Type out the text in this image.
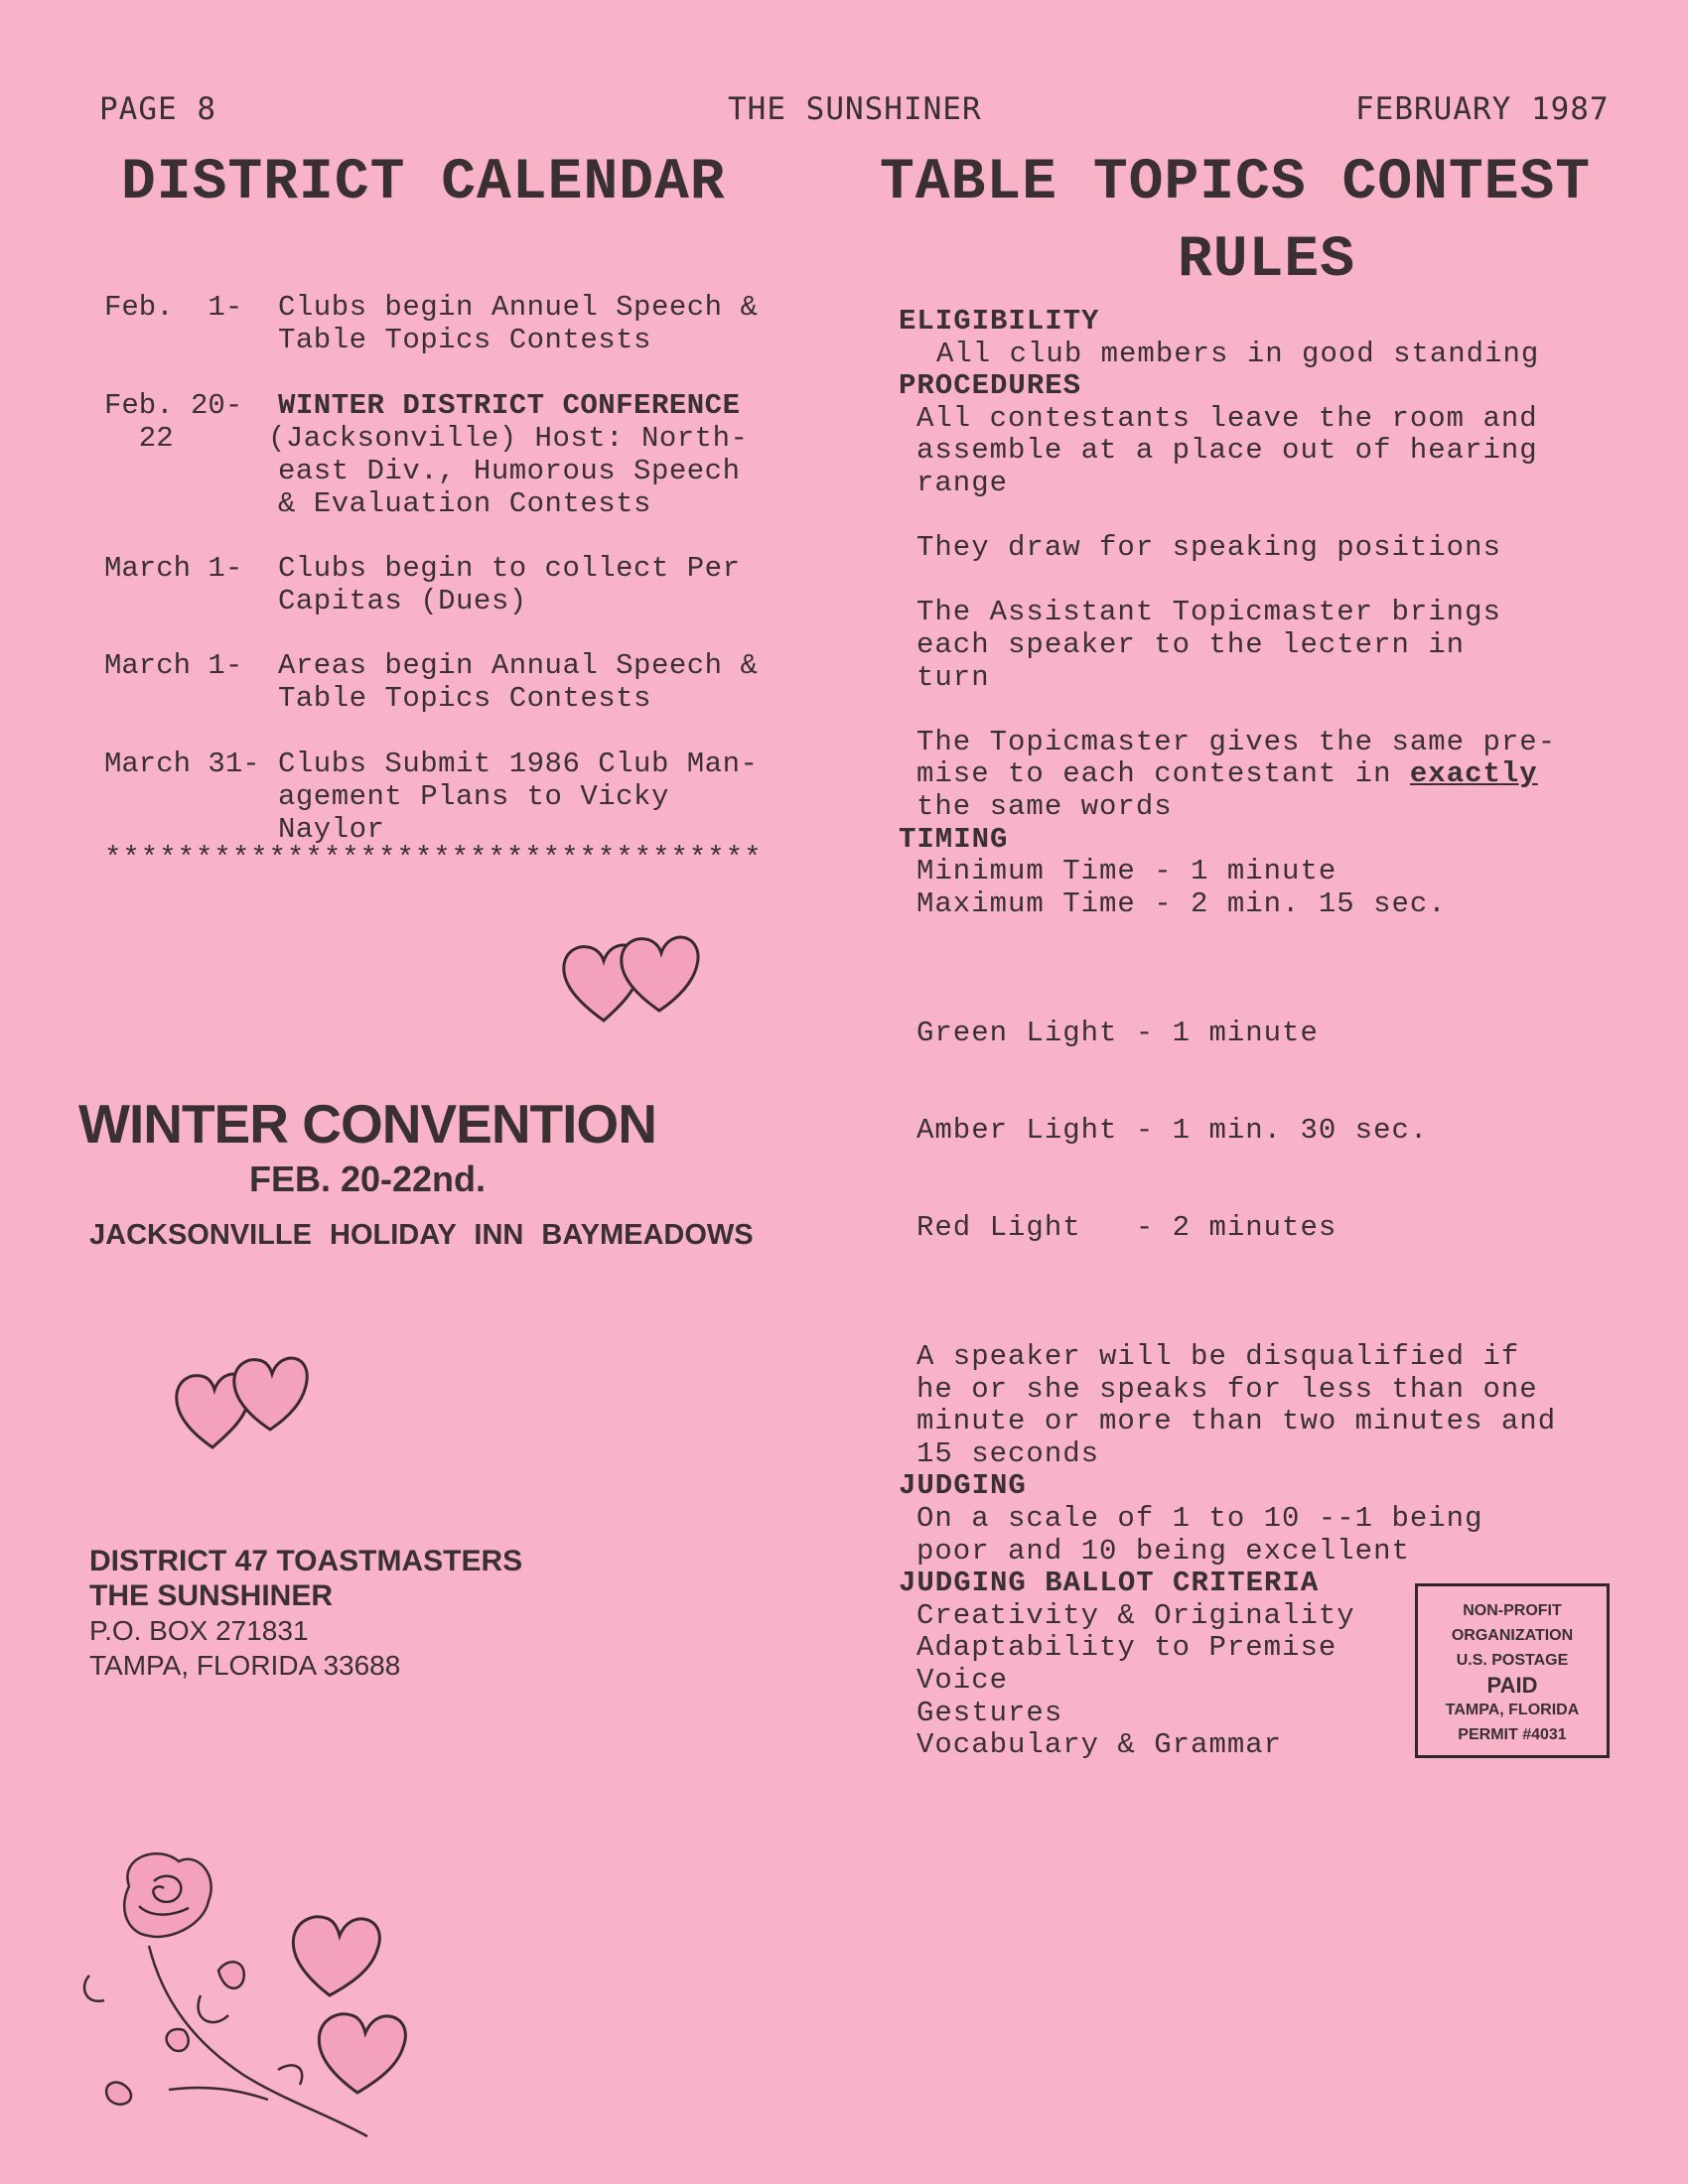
PAGE 8	THE SUNSHINER	FEBRUARY 1987
DISTRICT CALENDAR
Feb.  1- Clubs begin Annuel Speech &
Table Topics Contests
Feb. 20-
22
WINTER DISTRICT CONFERENCE
(Jacksonville) Host: North-
east Div., Humorous Speech
& Evaluation Contests
March 1- Clubs begin to collect Per
Capitas (Dues)
March 1- Areas begin Annual Speech &
Table Topics Contests
March 31- Clubs Submit 1986 Club Man-
agement Plans to Vicky
Naylor
************************************
WINTER CONVENTION
FEB. 20-22nd.
JACKSONVILLE HOLIDAY INN BAYMEADOWS
DISTRICT 47 TOASTMASTERS
THE SUNSHINER
P.O. BOX 271831
TAMPA, FLORIDA 33688
TABLE TOPICS CONTEST
RULES
ELIGIBILITY
All club members in good standing
PROCEDURES
All contestants leave the room and
assemble at a place out of hearing
range
They draw for speaking positions
The Assistant Topicmaster brings
each speaker to the lectern in
turn
The Topicmaster gives the same pre-
mise to each contestant in exactly
the same words
TIMING
Minimum Time - 1 minute
Maximum Time - 2 min. 15 sec.

Green Light - 1 minute

Amber Light - 1 min. 30 sec.

Red Light   - 2 minutes

A speaker will be disqualified if
he or she speaks for less than one
minute or more than two minutes and
15 seconds
JUDGING
On a scale of 1 to 10 --1 being
poor and 10 being excellent
JUDGING BALLOT CRITERIA
Creativity & Originality
Adaptability to Premise
Voice
Gestures
Vocabulary & Grammar
NON-PROFIT
ORGANIZATION
U.S. POSTAGE
PAID
TAMPA, FLORIDA
PERMIT #4031
